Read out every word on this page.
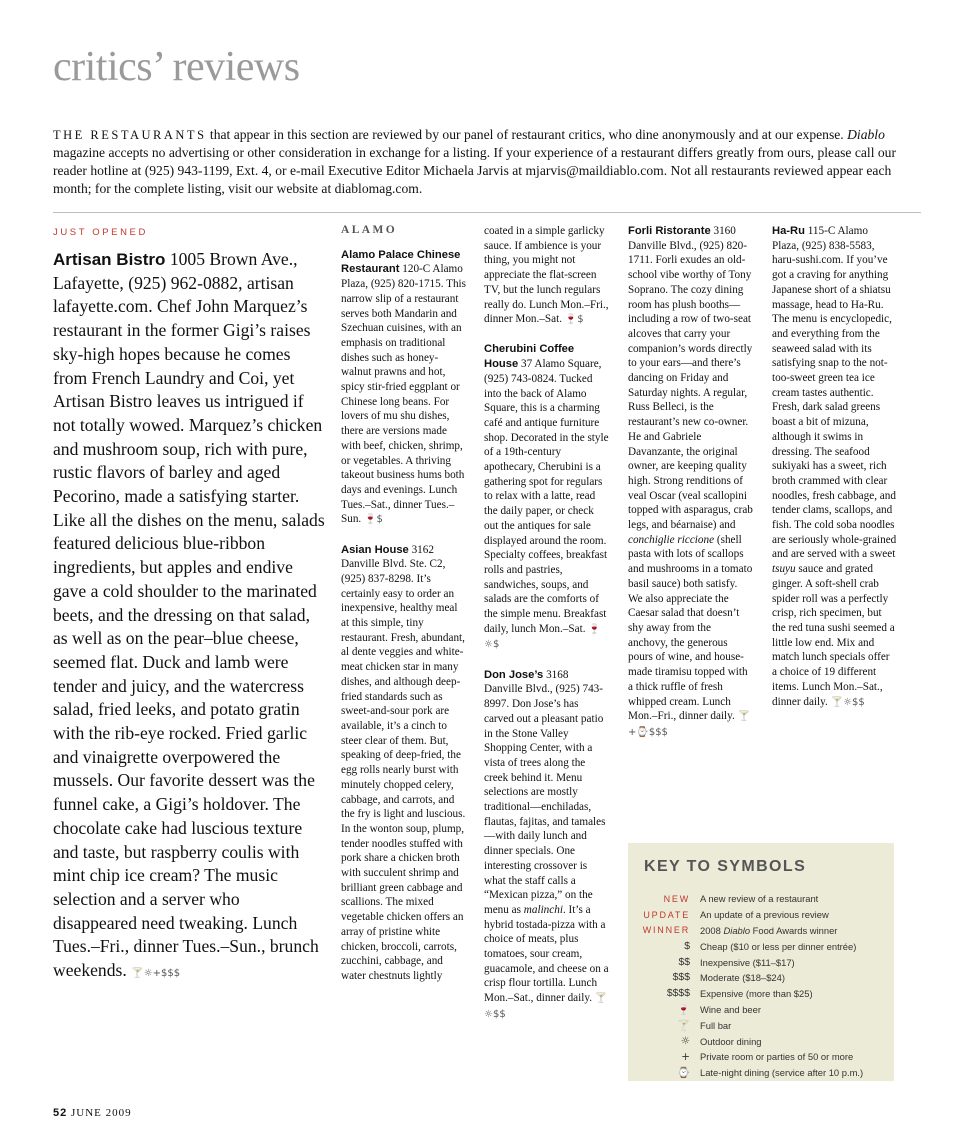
critics’ reviews

THE RESTAURANTS that appear in this section are reviewed by our panel of restaurant critics, who dine anonymously and at our expense. Diablo magazine accepts no advertising or other consideration in exchange for a listing. If your experience of a restaurant differs greatly from ours, please call our reader hotline at (925) 943-1199, Ext. 4, or e-mail Executive Editor Michaela Jarvis at mjarvis@maildiablo.com. Not all restaurants reviewed appear each month; for the complete listing, visit our website at diablomag.com.

JUST OPENED

Artisan Bistro 1005 Brown Ave., Lafayette, (925) 962-0882, artisan lafayette.com. Chef John Marquez’s restaurant in the former Gigi’s raises sky-high hopes because he comes from French Laundry and Coi, yet Artisan Bistro leaves us intrigued if not totally wowed. Marquez’s chicken and mushroom soup, rich with pure, rustic flavors of barley and aged Pecorino, made a satisfying starter. Like all the dishes on the menu, salads featured delicious blue-ribbon ingredients, but apples and endive gave a cold shoulder to the marinated beets, and the dressing on that salad, as well as on the pear–blue cheese, seemed flat. Duck and lamb were tender and juicy, and the watercress salad, fried leeks, and potato gratin with the rib-eye rocked. Fried garlic and vinaigrette overpowered the mussels. Our favorite dessert was the funnel cake, a Gigi’s holdover. The chocolate cake had luscious texture and taste, but raspberry coulis with mint chip ice cream? The music selection and a server who disappeared need tweaking. Lunch Tues.–Fri., dinner Tues.–Sun., brunch weekends. 🍸☼+$$$

ALAMO

Alamo Palace Chinese Restaurant 120-C Alamo Plaza, (925) 820-1715. This narrow slip of a restaurant serves both Mandarin and Szechuan cuisines, with an emphasis on traditional dishes such as honey-walnut prawns and hot, spicy stir-fried eggplant or Chinese long beans. For lovers of mu shu dishes, there are versions made with beef, chicken, shrimp, or vegetables. A thriving takeout business hums both days and evenings. Lunch Tues.–Sat., dinner Tues.–Sun. 🍷$

Asian House 3162 Danville Blvd. Ste. C2, (925) 837-8298. It’s certainly easy to order an inexpensive, healthy meal at this simple, tiny restaurant. Fresh, abundant, al dente veggies and white-meat chicken star in many dishes, and although deep-fried standards such as sweet-and-sour pork are available, it’s a cinch to steer clear of them. But, speaking of deep-fried, the egg rolls nearly burst with minutely chopped celery, cabbage, and carrots, and the fry is light and luscious. In the wonton soup, plump, tender noodles stuffed with pork share a chicken broth with succulent shrimp and brilliant green cabbage and scallions. The mixed vegetable chicken offers an array of pristine white chicken, broccoli, carrots, zucchini, cabbage, and water chestnuts lightly

coated in a simple garlicky sauce. If ambience is your thing, you might not appreciate the flat-screen TV, but the lunch regulars really do. Lunch Mon.–Fri., dinner Mon.–Sat. 🍷$

Cherubini Coffee House 37 Alamo Square, (925) 743-0824. Tucked into the back of Alamo Square, this is a charming café and antique furniture shop. Decorated in the style of a 19th-century apothecary, Cherubini is a gathering spot for regulars to relax with a latte, read the daily paper, or check out the antiques for sale displayed around the room. Specialty coffees, breakfast rolls and pastries, sandwiches, soups, and salads are the comforts of the simple menu. Breakfast daily, lunch Mon.–Sat. 🍷☼$

Don Jose’s 3168 Danville Blvd., (925) 743-8997. Don Jose’s has carved out a pleasant patio in the Stone Valley Shopping Center, with a vista of trees along the creek behind it. Menu selections are mostly traditional—enchiladas, flautas, fajitas, and tamales—with daily lunch and dinner specials. One interesting crossover is what the staff calls a “Mexican pizza,” on the menu as malinchi. It’s a hybrid tostada-pizza with a choice of meats, plus tomatoes, sour cream, guacamole, and cheese on a crisp flour tortilla. Lunch Mon.–Sat., dinner daily. 🍸☼$$

Forli Ristorante 3160 Danville Blvd., (925) 820-1711. Forli exudes an old-school vibe worthy of Tony Soprano. The cozy dining room has plush booths—including a row of two-seat alcoves that carry your companion’s words directly to your ears—and there’s dancing on Friday and Saturday nights. A regular, Russ Belleci, is the restaurant’s new co-owner. He and Gabriele Davanzante, the original owner, are keeping quality high. Strong renditions of veal Oscar (veal scallopini topped with asparagus, crab legs, and béarnaise) and conchiglie riccione (shell pasta with lots of scallops and mushrooms in a tomato basil sauce) both satisfy. We also appreciate the Caesar salad that doesn’t shy away from the anchovy, the generous pours of wine, and house-made tiramisu topped with a thick ruffle of fresh whipped cream. Lunch Mon.–Fri., dinner daily. 🍸+⌚$$$

Ha-Ru 115-C Alamo Plaza, (925) 838-5583, haru-sushi.com. If you’ve got a craving for anything Japanese short of a shiatsu massage, head to Ha-Ru. The menu is encyclopedic, and everything from the seaweed salad with its satisfying snap to the not-too-sweet green tea ice cream tastes authentic. Fresh, dark salad greens boast a bit of mizuna, although it swims in dressing. The seafood sukiyaki has a sweet, rich broth crammed with clear noodles, fresh cabbage, and tender clams, scallops, and fish. The cold soba noodles are seriously whole-grained and are served with a sweet tsuyu sauce and grated ginger. A soft-shell crab spider roll was a perfectly crisp, rich specimen, but the red tuna sushi seemed a little low end. Mix and match lunch specials offer a choice of 19 different items. Lunch Mon.–Sat., dinner daily. 🍸☼$$

KEY TO SYMBOLS
NEW	A new review of a restaurant
UPDATE	An update of a previous review
WINNER	2008 Diablo Food Awards winner
$	Cheap ($10 or less per dinner entrée)
$$	Inexpensive ($11–$17)
$$$	Moderate ($18–$24)
$$$$	Expensive (more than $25)
🍷	Wine and beer
🍸	Full bar
☼	Outdoor dining
+	Private room or parties of 50 or more
⌚	Late-night dining (service after 10 p.m.)
52 JUNE 2009
